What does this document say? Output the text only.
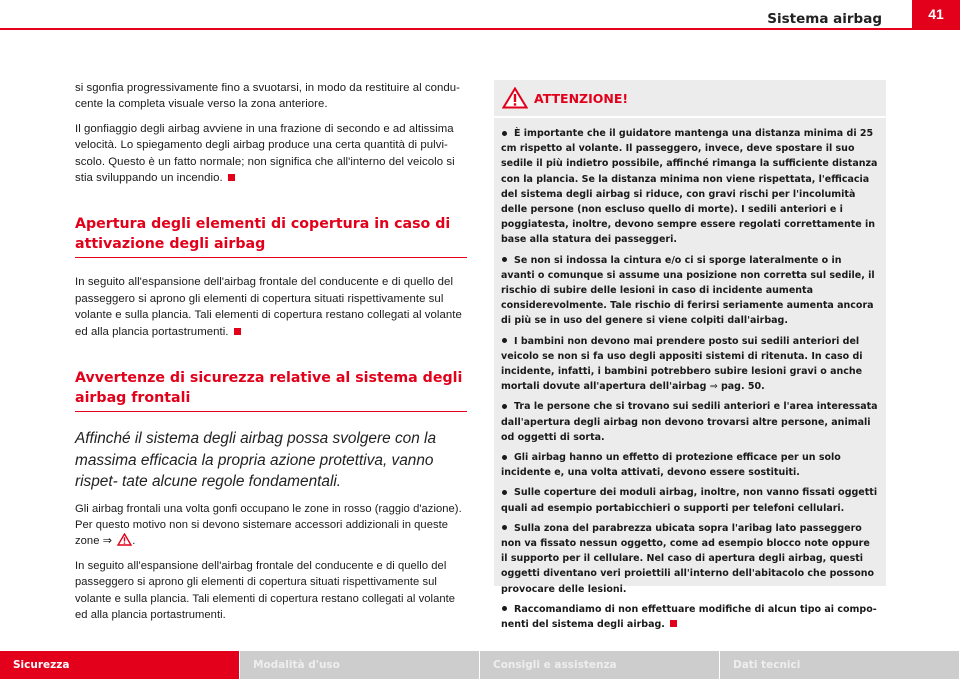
Sistema airbag	41

si sgonfia progressivamente fino a svuotarsi, in modo da restituire al condu- cente la completa visuale verso la zona anteriore.

Il gonfiaggio degli airbag avviene in una frazione di secondo e ad altissima velocità. Lo spiegamento degli airbag produce una certa quantità di pulvi- scolo. Questo è un fatto normale; non significa che all'interno del veicolo si stia sviluppando un incendio.

Apertura degli elementi di copertura in caso di attivazione degli airbag

In seguito all'espansione dell'airbag frontale del conducente e di quello del passeggero si aprono gli elementi di copertura situati rispettivamente sul volante e sulla plancia. Tali elementi di copertura restano collegati al volante ed alla plancia portastrumenti.

Avvertenze di sicurezza relative al sistema degli airbag frontali

Affinché il sistema degli airbag possa svolgere con la massima efficacia la propria azione protettiva, vanno rispet- tate alcune regole fondamentali.

Gli airbag frontali una volta gonfi occupano le zone in rosso (raggio d'azione). Per questo motivo non si devono sistemare accessori addizionali in queste zone ⇒ .

In seguito all'espansione dell'airbag frontale del conducente e di quello del passeggero si aprono gli elementi di copertura situati rispettivamente sul volante e sulla plancia. Tali elementi di copertura restano collegati al volante ed alla plancia portastrumenti.

ATTENZIONE!
È importante che il guidatore mantenga una distanza minima di 25 cm rispetto al volante. Il passeggero, invece, deve spostare il suo sedile il più indietro possibile, affinché rimanga la sufficiente distanza con la plancia. Se la distanza minima non viene rispettata, l'efficacia del sistema degli airbag si riduce, con gravi rischi per l'incolumità delle persone (non escluso quello di morte). I sedili anteriori e i poggiatesta, inoltre, devono sempre essere regolati correttamente in base alla statura dei passeggeri.
Se non si indossa la cintura e/o ci si sporge lateralmente o in avanti o comunque si assume una posizione non corretta sul sedile, il rischio di subire delle lesioni in caso di incidente aumenta considerevolmente. Tale rischio di ferirsi seriamente aumenta ancora di più se in uso del genere si viene colpiti dall'airbag.
I bambini non devono mai prendere posto sui sedili anteriori del veicolo se non si fa uso degli appositi sistemi di ritenuta. In caso di incidente, infatti, i bambini potrebbero subire lesioni gravi o anche mortali dovute all'apertura dell'airbag ⇒ pag. 50.
Tra le persone che si trovano sui sedili anteriori e l'area interessata dall'apertura degli airbag non devono trovarsi altre persone, animali od oggetti di sorta.
Gli airbag hanno un effetto di protezione efficace per un solo incidente e, una volta attivati, devono essere sostituiti.
Sulle coperture dei moduli airbag, inoltre, non vanno fissati oggetti quali ad esempio portabicchieri o supporti per telefoni cellulari.
Sulla zona del parabrezza ubicata sopra l'aribag lato passeggero non va fissato nessun oggetto, come ad esempio blocco note oppure il supporto per il cellulare. Nel caso di apertura degli airbag, questi oggetti diventano veri proiettili all'interno dell'abitacolo che possono provocare delle lesioni.
Raccomandiamo di non effettuare modifiche di alcun tipo ai compo- nenti del sistema degli airbag.
Sicurezza	Modalità d'uso	Consigli e assistenza	Dati tecnici
